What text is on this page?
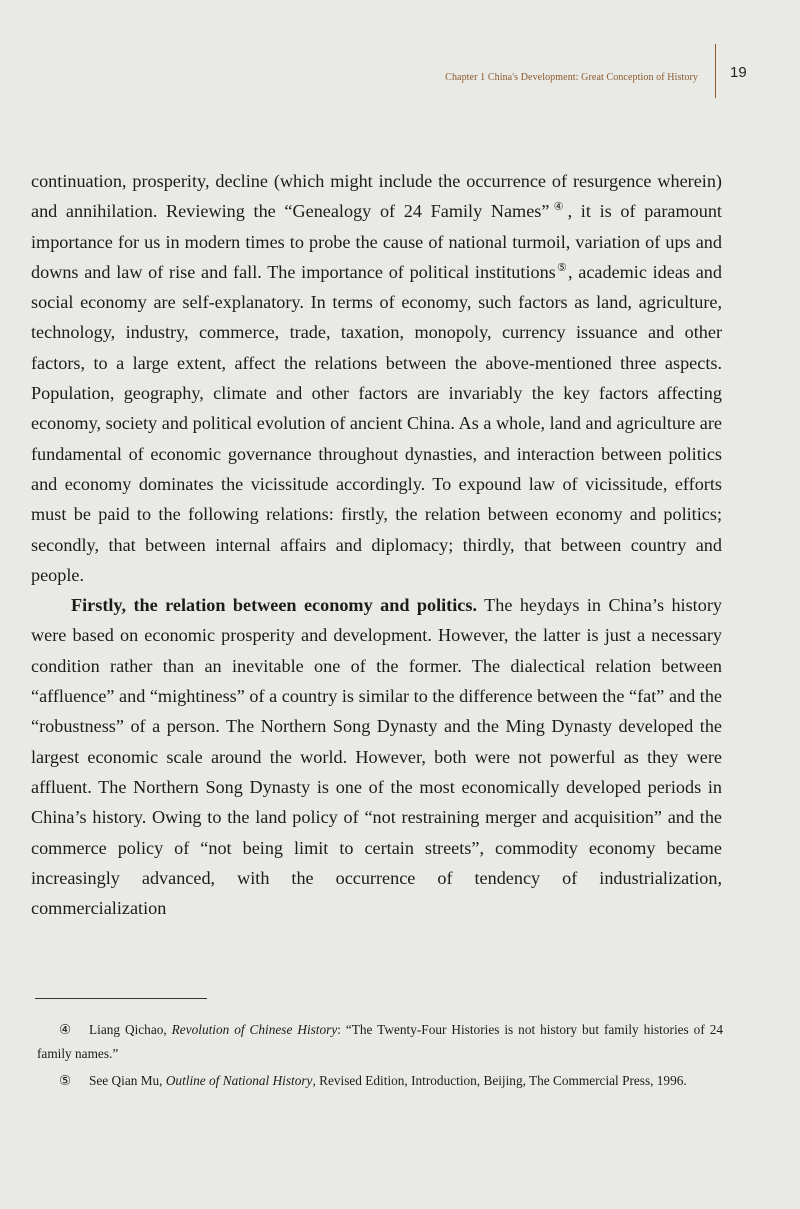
Chapter 1 China's Development: Great Conception of History	19

continuation, prosperity, decline (which might include the occurrence of resurgence wherein) and annihilation. Reviewing the “Genealogy of 24 Family Names”④, it is of paramount importance for us in modern times to probe the cause of national turmoil, variation of ups and downs and law of rise and fall. The importance of political institutions⑤, academic ideas and social economy are self-explanatory. In terms of economy, such factors as land, agriculture, technology, industry, commerce, trade, taxation, monopoly, currency issuance and other factors, to a large extent, affect the relations between the above-mentioned three aspects. Population, geography, climate and other factors are invariably the key factors affecting economy, society and political evolution of ancient China. As a whole, land and agriculture are fundamental of economic governance throughout dynasties, and interaction between politics and economy dominates the vicissitude accordingly. To expound law of vicissitude, efforts must be paid to the following relations: firstly, the relation between economy and politics; secondly, that between internal affairs and diplomacy; thirdly, that between country and people.

Firstly, the relation between economy and politics. The heydays in China’s history were based on economic prosperity and development. However, the latter is just a necessary condition rather than an inevitable one of the former. The dialectical relation between “affluence” and “mightiness” of a country is similar to the difference between the “fat” and the “robustness” of a person. The Northern Song Dynasty and the Ming Dynasty developed the largest economic scale around the world. However, both were not powerful as they were affluent. The Northern Song Dynasty is one of the most economically developed periods in China’s history. Owing to the land policy of “not restraining merger and acquisition” and the commerce policy of “not being limit to certain streets”, commodity economy became increasingly advanced, with the occurrence of tendency of industrialization, commercialization

④ Liang Qichao, Revolution of Chinese History: “The Twenty-Four Histories is not history but family histories of 24 family names.”

⑤ See Qian Mu, Outline of National History, Revised Edition, Introduction, Beijing, The Commercial Press, 1996.
